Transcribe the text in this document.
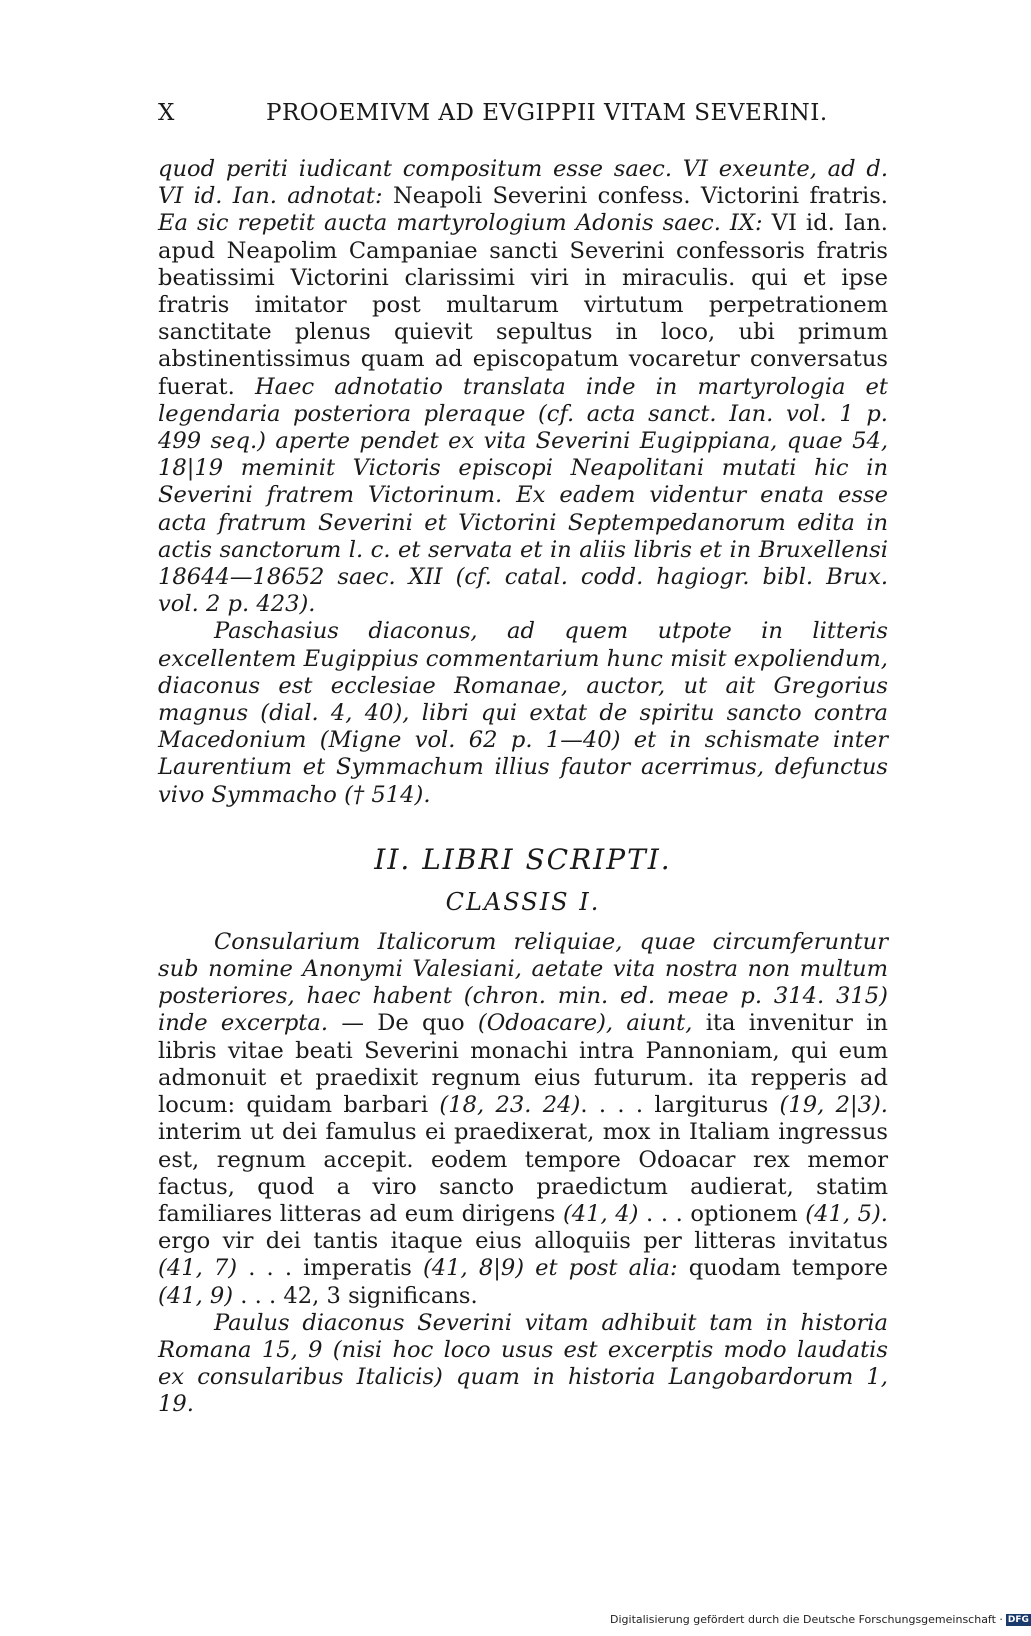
X	PROOEMIVM AD EVGIPPII VITAM SEVERINI.

quod periti iudicant compositum esse saec. VI exeunte, ad d. VI id. Ian. adnotat: Neapoli Severini confess. Victorini fratris. Ea sic repetit aucta martyrologium Adonis saec. IX: VI id. Ian. apud Neapolim Campaniae sancti Severini confessoris fratris beatissimi Victorini clarissimi viri in miraculis. qui et ipse fratris imitator post multarum virtutum perpetrationem sanctitate plenus quievit sepultus in loco, ubi primum abstinentissimus quam ad episcopatum vocaretur conversatus fuerat. Haec adnotatio translata inde in martyrologia et legendaria posteriora pleraque (cf. acta sanct. Ian. vol. 1 p. 499 seq.) aperte pendet ex vita Severini Eugippiana, quae 54, 18|19 meminit Victoris episcopi Neapolitani mutati hic in Severini fratrem Victorinum. Ex eadem videntur enata esse acta fratrum Severini et Victorini Septempedanorum edita in actis sanctorum l. c. et servata et in aliis libris et in Bruxellensi 18644—18652 saec. XII (cf. catal. codd. hagiogr. bibl. Brux. vol. 2 p. 423).

Paschasius diaconus, ad quem utpote in litteris excellentem Eugippius commentarium hunc misit expoliendum, diaconus est ecclesiae Romanae, auctor, ut ait Gregorius magnus (dial. 4, 40), libri qui extat de spiritu sancto contra Macedonium (Migne vol. 62 p. 1—40) et in schismate inter Laurentium et Symmachum illius fautor acerrimus, defunctus vivo Symmacho († 514).

II. LIBRI SCRIPTI.
CLASSIS I.

Consularium Italicorum reliquiae, quae circumferuntur sub nomine Anonymi Valesiani, aetate vita nostra non multum posteriores, haec habent (chron. min. ed. meae p. 314. 315) inde excerpta. — De quo (Odoacare), aiunt, ita invenitur in libris vitae beati Severini monachi intra Pannoniam, qui eum admonuit et praedixit regnum eius futurum. ita repperis ad locum: quidam barbari (18, 23. 24). . . . largiturus (19, 2|3). interim ut dei famulus ei praedixerat, mox in Italiam ingressus est, regnum accepit. eodem tempore Odoacar rex memor factus, quod a viro sancto praedictum audierat, statim familiares litteras ad eum dirigens (41, 4) . . . optionem (41, 5). ergo vir dei tantis itaque eius alloquiis per litteras invitatus (41, 7) . . . imperatis (41, 8|9) et post alia: quodam tempore (41, 9) . . . 42, 3 significans.

Paulus diaconus Severini vitam adhibuit tam in historia Romana 15, 9 (nisi hoc loco usus est excerptis modo laudatis ex consularibus Italicis) quam in historia Langobardorum 1, 19.

Digitalisierung gefördert durch die Deutsche Forschungsgemeinschaft · DFG
